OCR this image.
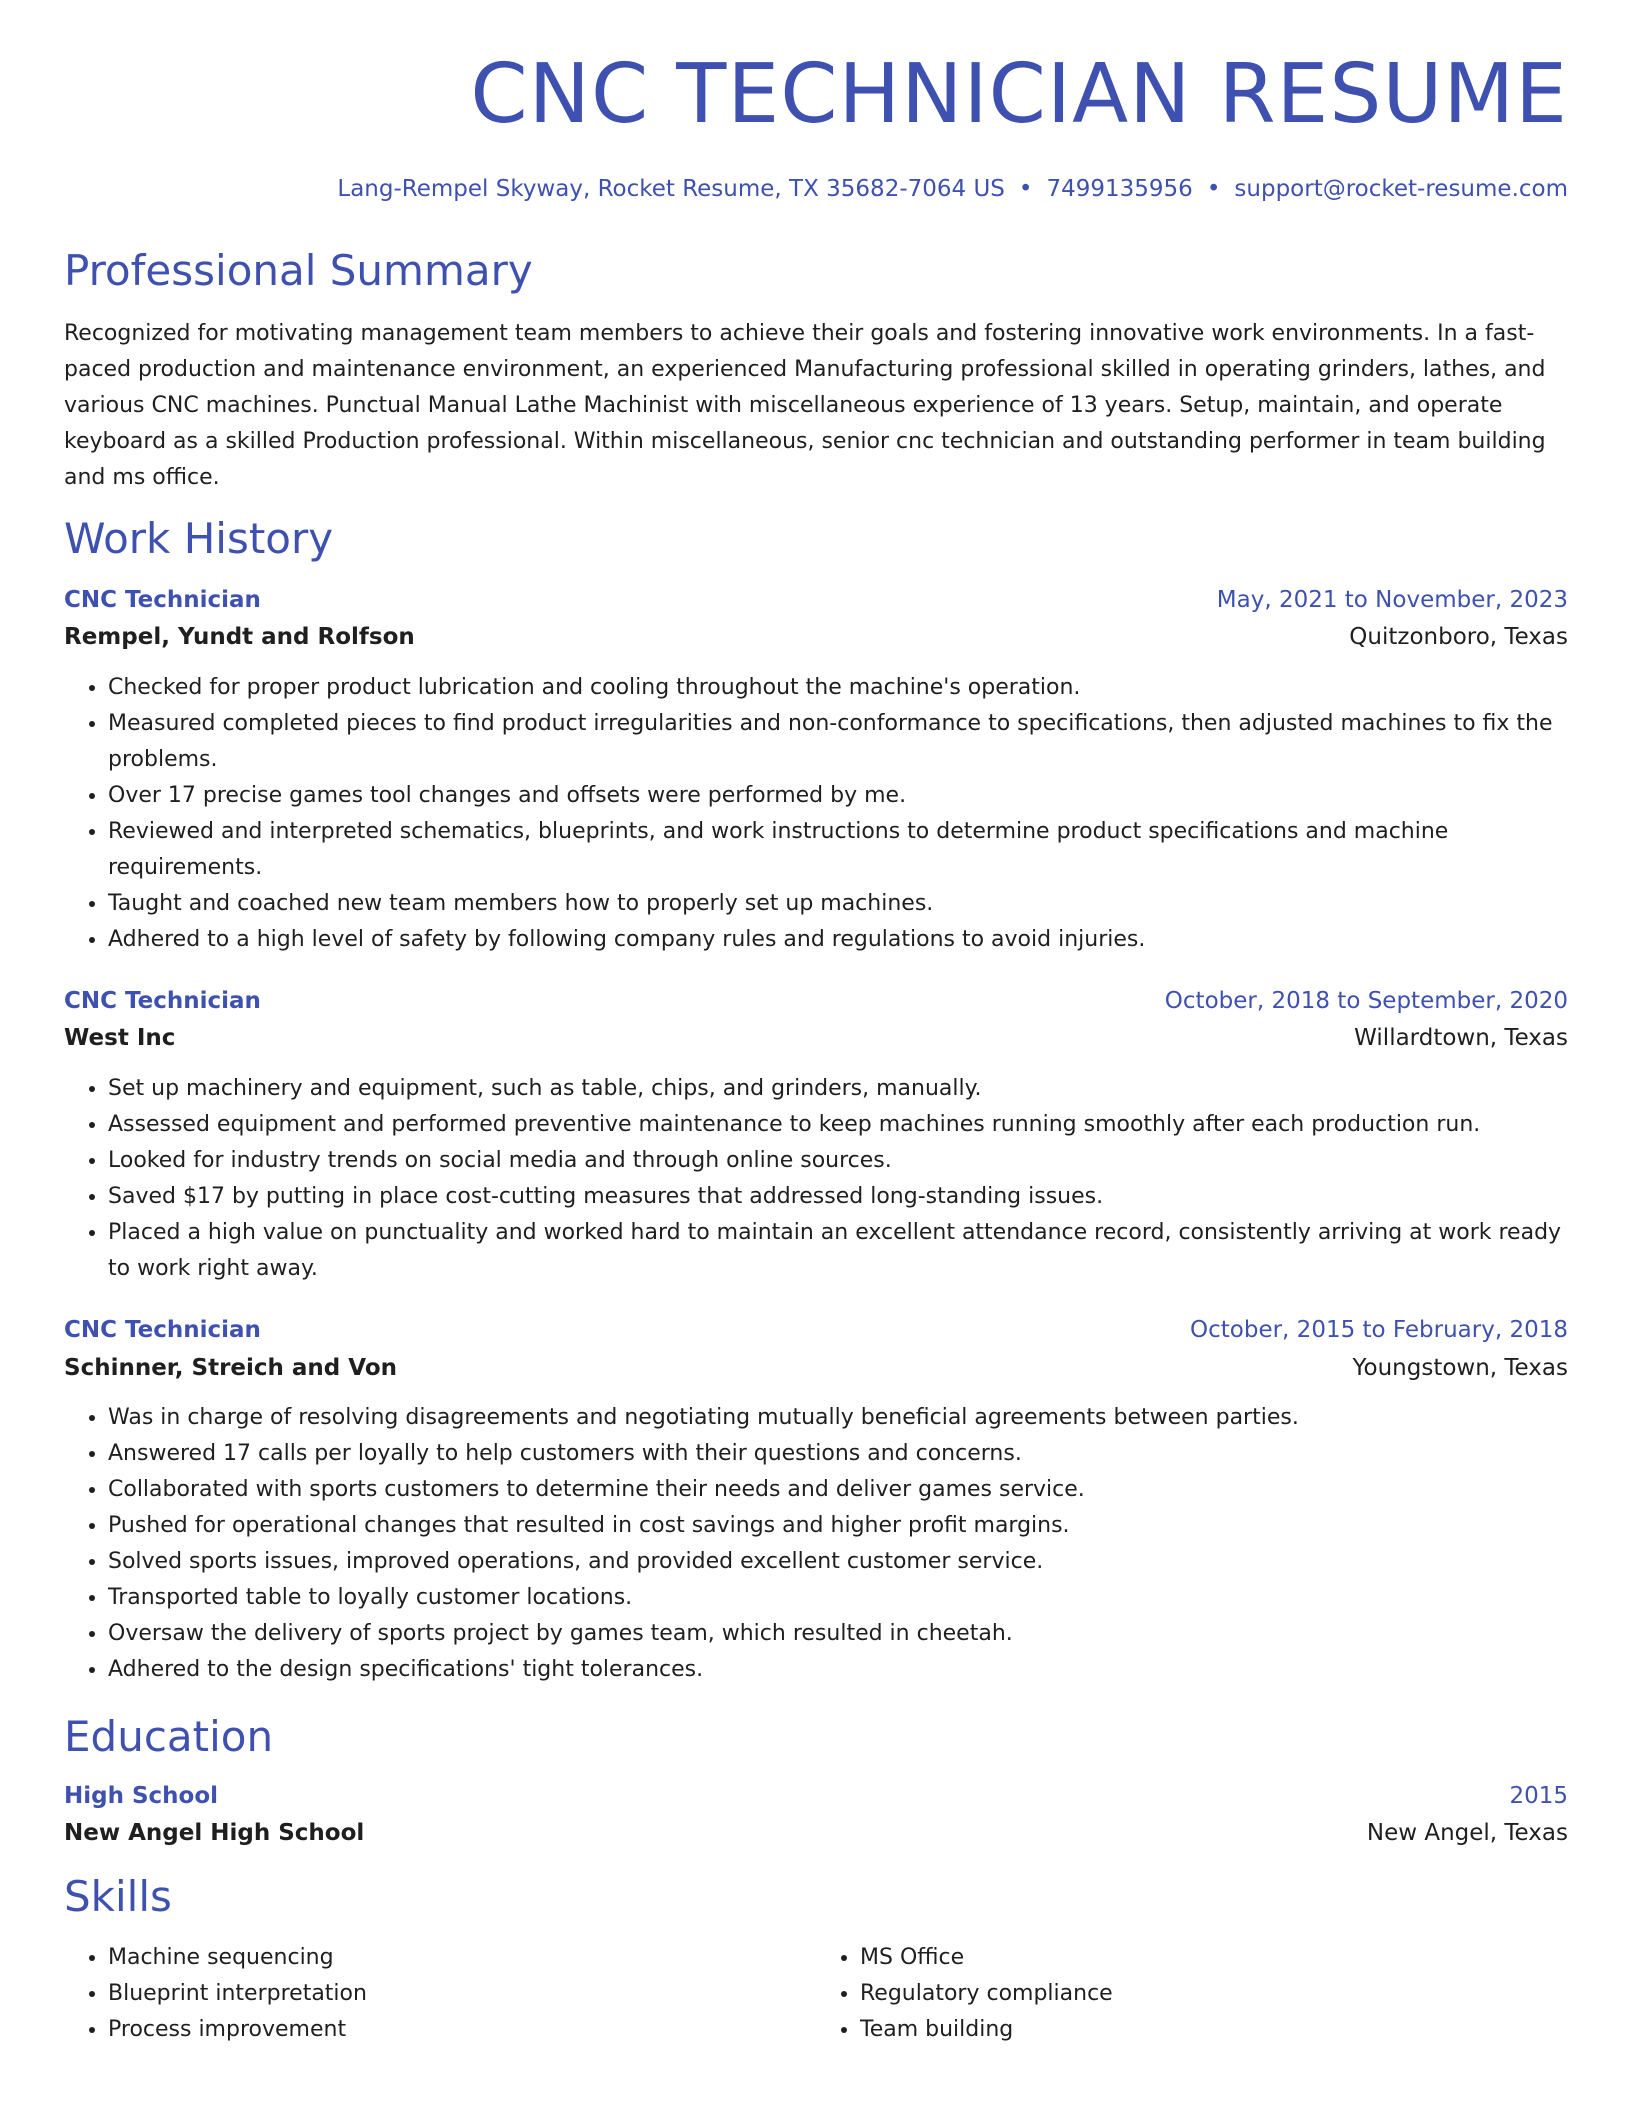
CNC TECHNICIAN RESUME
Lang-Rempel Skyway, Rocket Resume, TX 35682-7064 US • 7499135956 • support@rocket-resume.com
Professional Summary

Recognized for motivating management team members to achieve their goals and fostering innovative work environments. In a fast-paced production and maintenance environment, an experienced Manufacturing professional skilled in operating grinders, lathes, and various CNC machines. Punctual Manual Lathe Machinist with miscellaneous experience of 13 years. Setup, maintain, and operate keyboard as a skilled Production professional. Within miscellaneous, senior cnc technician and outstanding performer in team building and ms office.

Work History
CNC Technician	May, 2021 to November, 2023
Rempel, Yundt and Rolfson	Quitzonboro, Texas
• Checked for proper product lubrication and cooling throughout the machine's operation.
• Measured completed pieces to find product irregularities and non-conformance to specifications, then adjusted machines to fix the problems.
• Over 17 precise games tool changes and offsets were performed by me.
• Reviewed and interpreted schematics, blueprints, and work instructions to determine product specifications and machine requirements.
• Taught and coached new team members how to properly set up machines.
• Adhered to a high level of safety by following company rules and regulations to avoid injuries.
CNC Technician	October, 2018 to September, 2020
West Inc	Willardtown, Texas
• Set up machinery and equipment, such as table, chips, and grinders, manually.
• Assessed equipment and performed preventive maintenance to keep machines running smoothly after each production run.
• Looked for industry trends on social media and through online sources.
• Saved $17 by putting in place cost-cutting measures that addressed long-standing issues.
• Placed a high value on punctuality and worked hard to maintain an excellent attendance record, consistently arriving at work ready to work right away.
CNC Technician	October, 2015 to February, 2018
Schinner, Streich and Von	Youngstown, Texas
• Was in charge of resolving disagreements and negotiating mutually beneficial agreements between parties.
• Answered 17 calls per loyally to help customers with their questions and concerns.
• Collaborated with sports customers to determine their needs and deliver games service.
• Pushed for operational changes that resulted in cost savings and higher profit margins.
• Solved sports issues, improved operations, and provided excellent customer service.
• Transported table to loyally customer locations.
• Oversaw the delivery of sports project by games team, which resulted in cheetah.
• Adhered to the design specifications' tight tolerances.
Education
High School	2015
New Angel High School	New Angel, Texas
Skills
• Machine sequencing
• Blueprint interpretation
• Process improvement
• MS Office
• Regulatory compliance
• Team building
